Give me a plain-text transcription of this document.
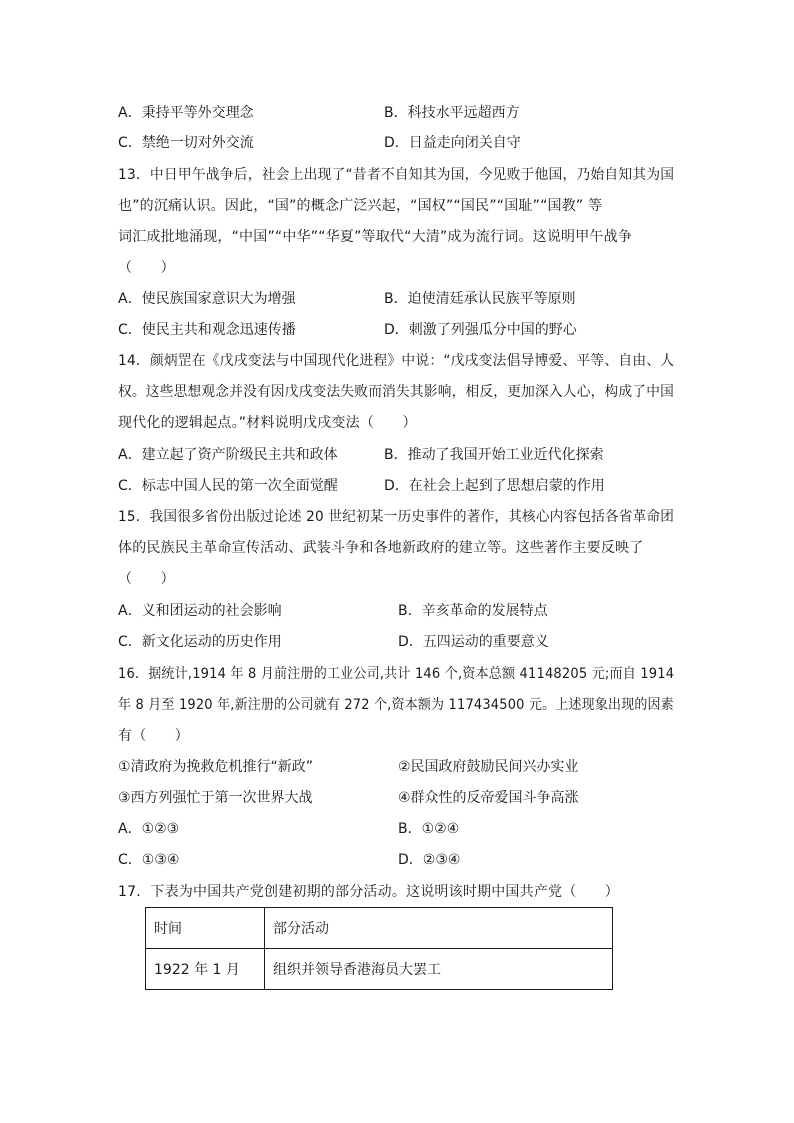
A．秉持平等外交理念	B．科技水平远超西方
C．禁绝一切对外交流	D．日益走向闭关自守
13．中日甲午战争后，社会上出现了“昔者不自知其为国，今见败于他国，乃始自知其为国
也”的沉痛认识。因此，“国”的概念广泛兴起，“国权”“国民”“国耻”“国教” 等
词汇成批地涌现，“中国”“中华”“华夏”等取代“大清”成为流行词。这说明甲午战争
（　　）
A．使民族国家意识大为增强	B．迫使清廷承认民族平等原则
C．使民主共和观念迅速传播	D．刺激了列强瓜分中国的野心
14．颜炳罡在《戊戌变法与中国现代化进程》中说：“戊戌变法倡导博爱、平等、自由、人
权。这些思想观念并没有因戊戌变法失败而消失其影响，相反，更加深入人心，构成了中国
现代化的逻辑起点。”材料说明戊戌变法（　　）
A．建立起了资产阶级民主共和政体	B．推动了我国开始工业近代化探索
C．标志中国人民的第一次全面觉醒	D．在社会上起到了思想启蒙的作用
15．我国很多省份出版过论述 20 世纪初某一历史事件的著作，其核心内容包括各省革命团
体的民族民主革命宣传活动、武装斗争和各地新政府的建立等。这些著作主要反映了
（　　）
A．义和团运动的社会影响	B．辛亥革命的发展特点
C．新文化运动的历史作用	D．五四运动的重要意义
16．据统计,1914 年 8 月前注册的工业公司,共计 146 个,资本总额 41148205 元;而自 1914
年 8 月至 1920 年,新注册的公司就有 272 个,资本额为 117434500 元。上述现象出现的因素
有（　　）
①清政府为挽救危机推行“新政”	②民国政府鼓励民间兴办实业
③西方列强忙于第一次世界大战	④群众性的反帝爱国斗争高涨
A．①②③	B．①②④
C．①③④	D．②③④
17．下表为中国共产党创建初期的部分活动。这说明该时期中国共产党（　　）
时间	部分活动
1922 年 1 月	组织并领导香港海员大罢工
